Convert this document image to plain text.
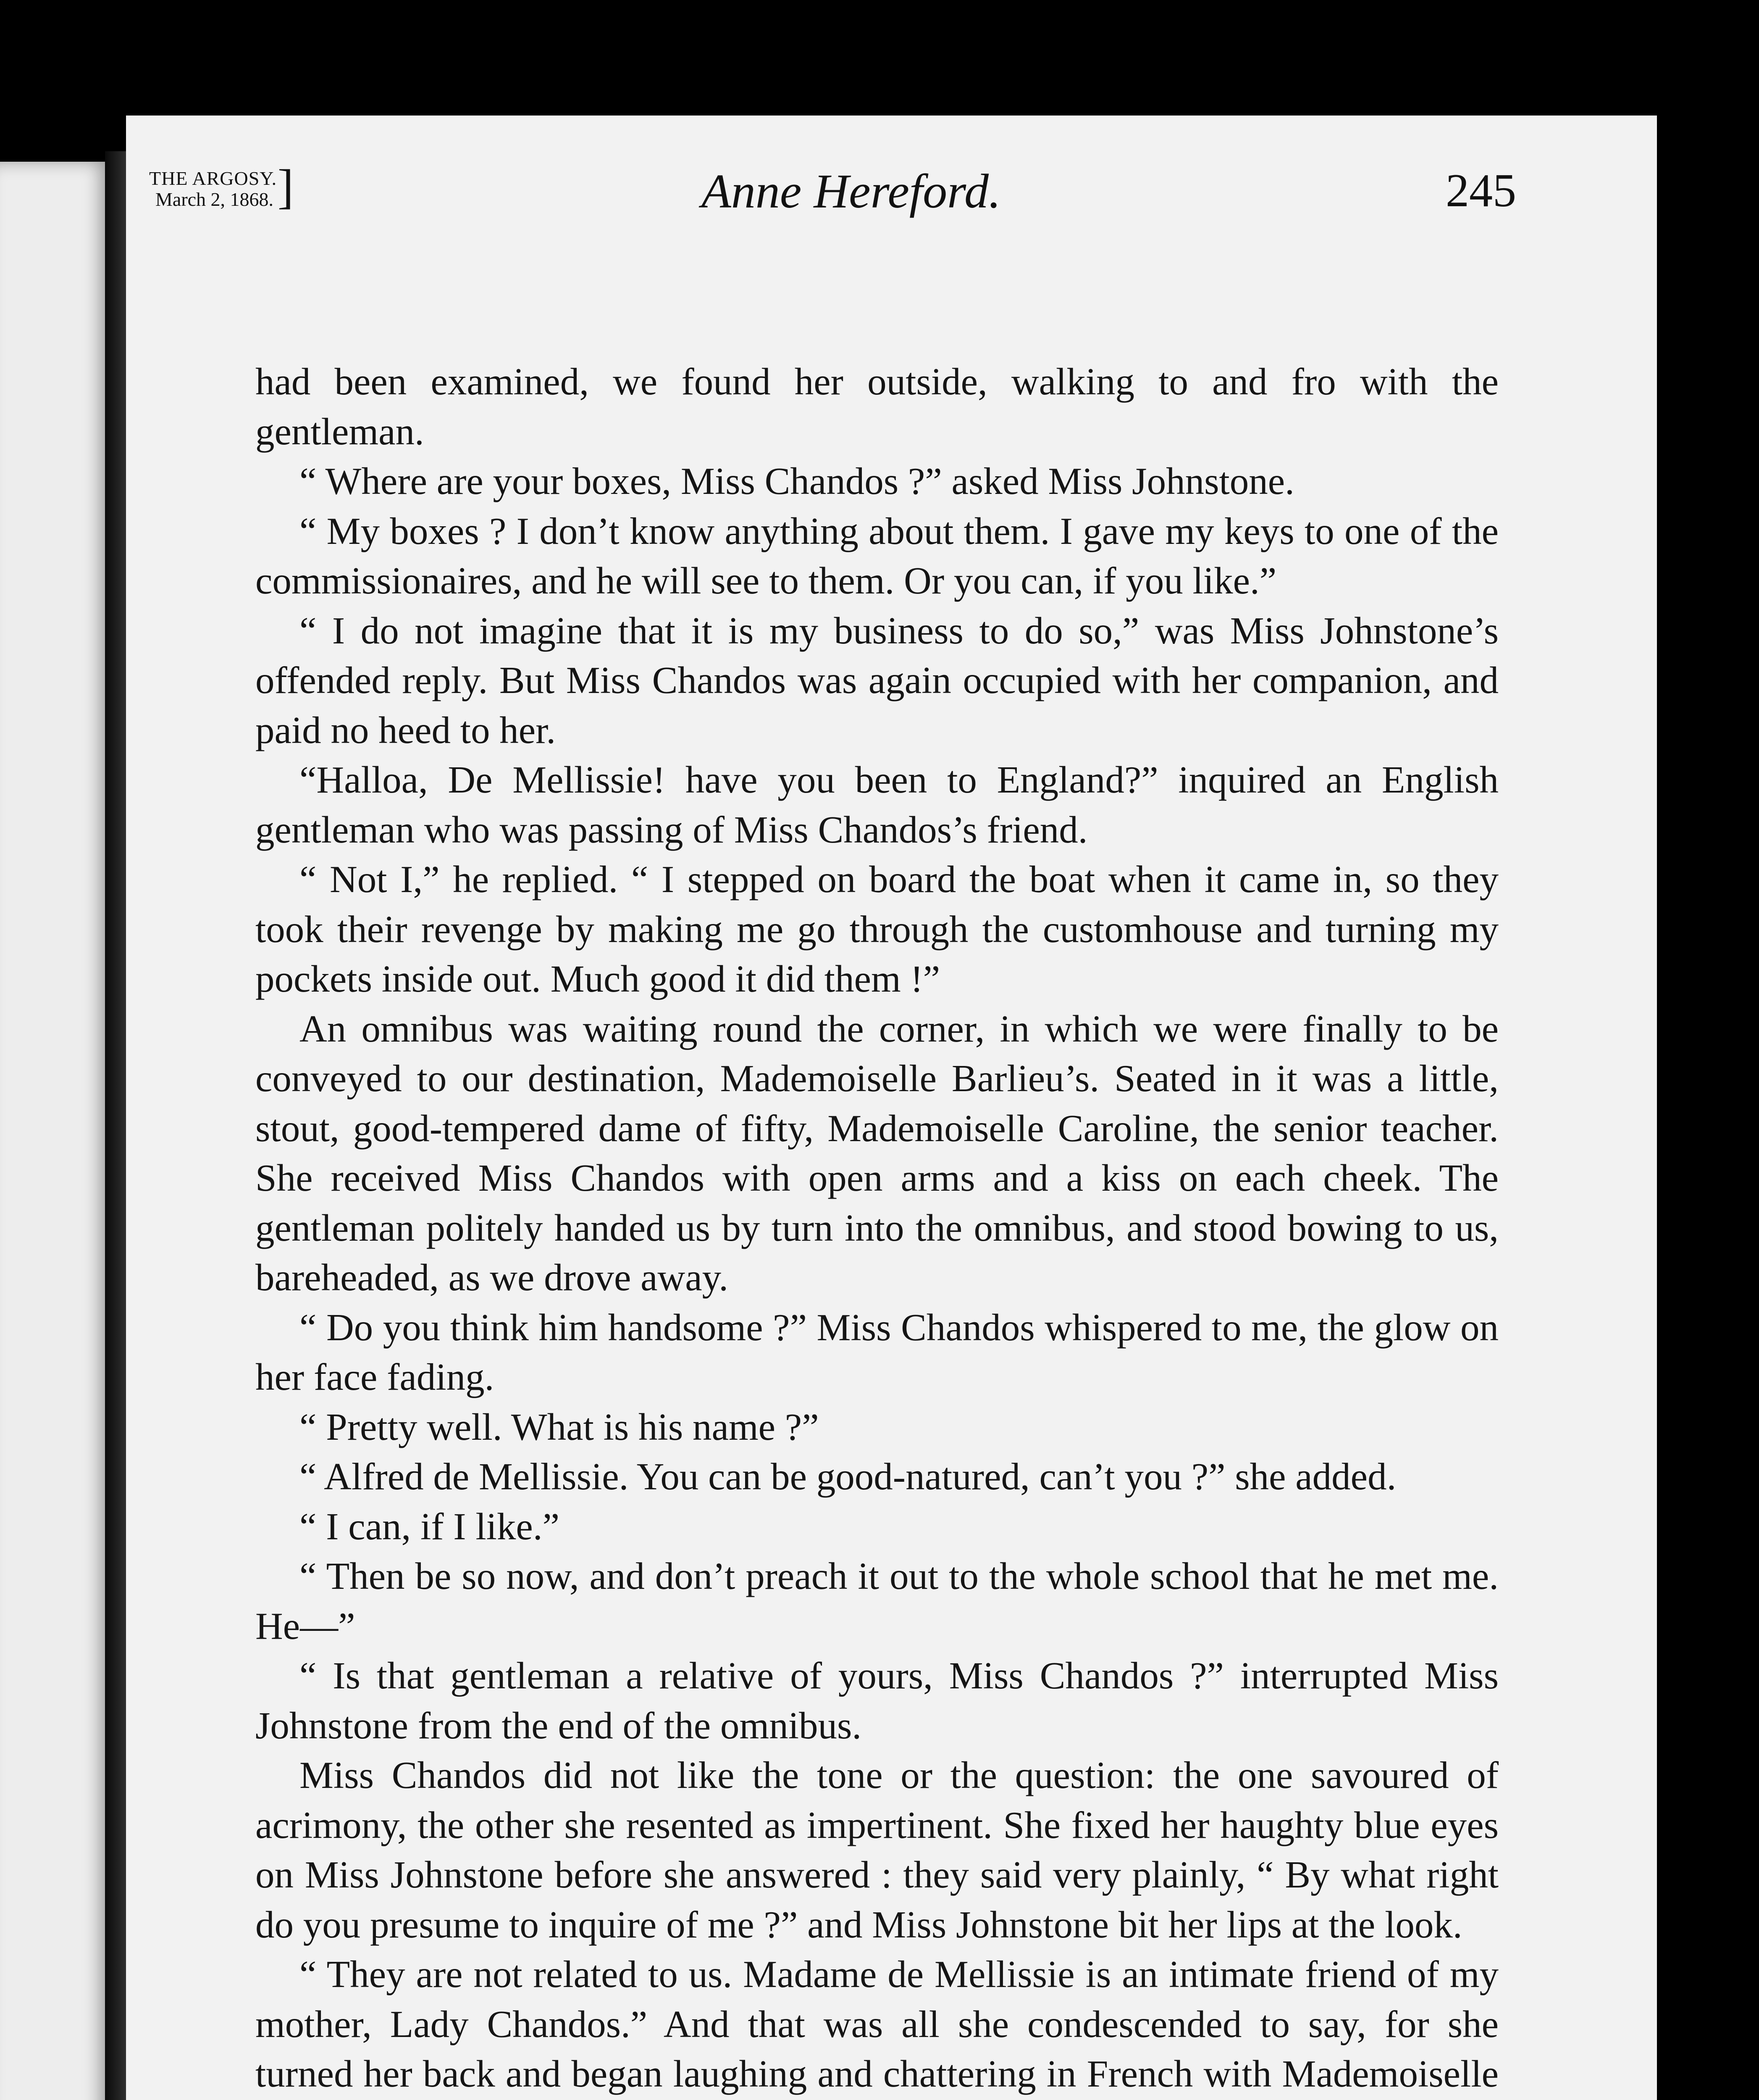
THE ARGOSY.
March 2, 1868. ]	Anne Hereford.	245

had been examined, we found her outside, walking to and fro with the gentleman.

“ Where are your boxes, Miss Chandos ?” asked Miss Johnstone.

“ My boxes ? I don’t know anything about them. I gave my keys to one of the commissionaires, and he will see to them. Or you can, if you like.”

“ I do not imagine that it is my business to do so,” was Miss Johnstone’s offended reply. But Miss Chandos was again occupied with her companion, and paid no heed to her.

“Halloa, De Mellissie! have you been to England?” inquired an English gentleman who was passing of Miss Chandos’s friend.

“ Not I,” he replied. “ I stepped on board the boat when it came in, so they took their revenge by making me go through the customhouse and turning my pockets inside out. Much good it did them !”

An omnibus was waiting round the corner, in which we were finally to be conveyed to our destination, Mademoiselle Barlieu’s. Seated in it was a little, stout, good-tempered dame of fifty, Mademoiselle Caroline, the senior teacher. She received Miss Chandos with open arms and a kiss on each cheek. The gentleman politely handed us by turn into the omnibus, and stood bowing to us, bareheaded, as we drove away.

“ Do you think him handsome ?” Miss Chandos whispered to me, the glow on her face fading.

“ Pretty well. What is his name ?”

“ Alfred de Mellissie. You can be good-natured, can’t you ?” she added.

“ I can, if I like.”

“ Then be so now, and don’t preach it out to the whole school that he met me. He—”

“ Is that gentleman a relative of yours, Miss Chandos ?” interrupted Miss Johnstone from the end of the omnibus.

Miss Chandos did not like the tone or the question: the one savoured of acrimony, the other she resented as impertinent. She fixed her haughty blue eyes on Miss Johnstone before she answered : they said very plainly, “ By what right do you presume to inquire of me ?” and Miss Johnstone bit her lips at the look.

“ They are not related to us. Madame de Mellissie is an intimate friend of my mother, Lady Chandos.” And that was all she condescended to say, for she turned her back and began laughing and chattering in French with Mademoiselle
